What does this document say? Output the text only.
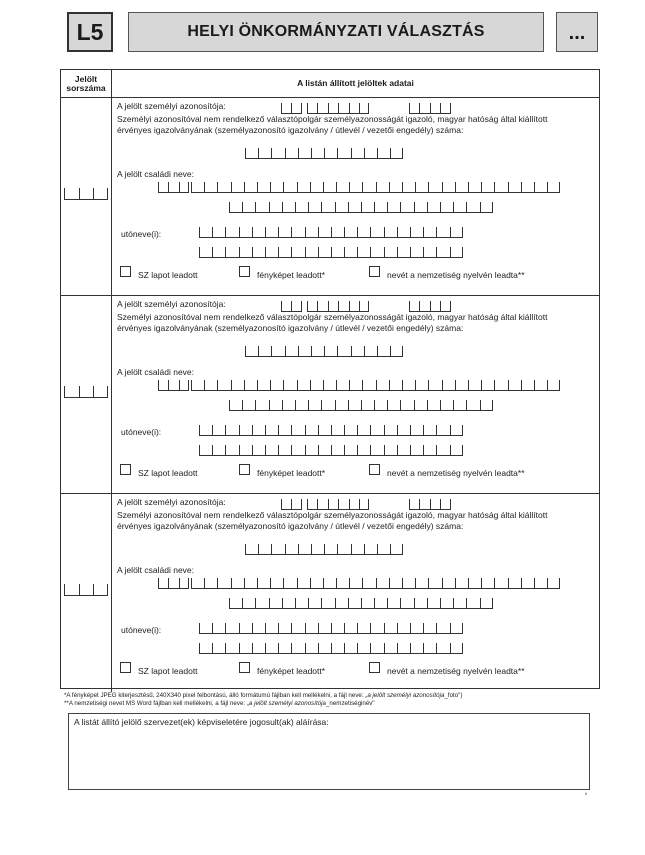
L5	HELYI ÖNKORMÁNYZATI VÁLASZTÁS	...
Jelölt sorszáma	A listán állított jelöltek adatai
A jelölt személyi azonosítója:
Személyi azonosítóval nem rendelkező választópolgár személyazonosságát igazoló, magyar hatóság által kiállított
érvényes igazolványának (személyazonosító igazolvány / útlevél / vezetői engedély) száma:
A jelölt családi neve:
utóneve(i):
SZ lapot leadott	fényképet leadott*	nevét a nemzetiség nyelvén leadta**
A jelölt személyi azonosítója:
Személyi azonosítóval nem rendelkező választópolgár személyazonosságát igazoló, magyar hatóság által kiállított
érvényes igazolványának (személyazonosító igazolvány / útlevél / vezetői engedély) száma:
A jelölt családi neve:
utóneve(i):
SZ lapot leadott	fényképet leadott*	nevét a nemzetiség nyelvén leadta**
A jelölt személyi azonosítója:
Személyi azonosítóval nem rendelkező választópolgár személyazonosságát igazoló, magyar hatóság által kiállított
érvényes igazolványának (személyazonosító igazolvány / útlevél / vezetői engedély) száma:
A jelölt családi neve:
utóneve(i):
SZ lapot leadott	fényképet leadott*	nevét a nemzetiség nyelvén leadta**
*A fényképet JPEG kiterjesztésű, 240X340 pixel felbontású, álló formátumú fájlban kell mellékelni, a fájl neve: „a jelölt személyi azonosítója_foto")
**A nemzetiségi nevet MS Word fájlban kell mellékelni, a fájl neve: „a jelölt személyi azonosítója_nemzetiséginév"
A listát állító jelölő szervezet(ek) képviseletére jogosult(ak) aláírása:
II
